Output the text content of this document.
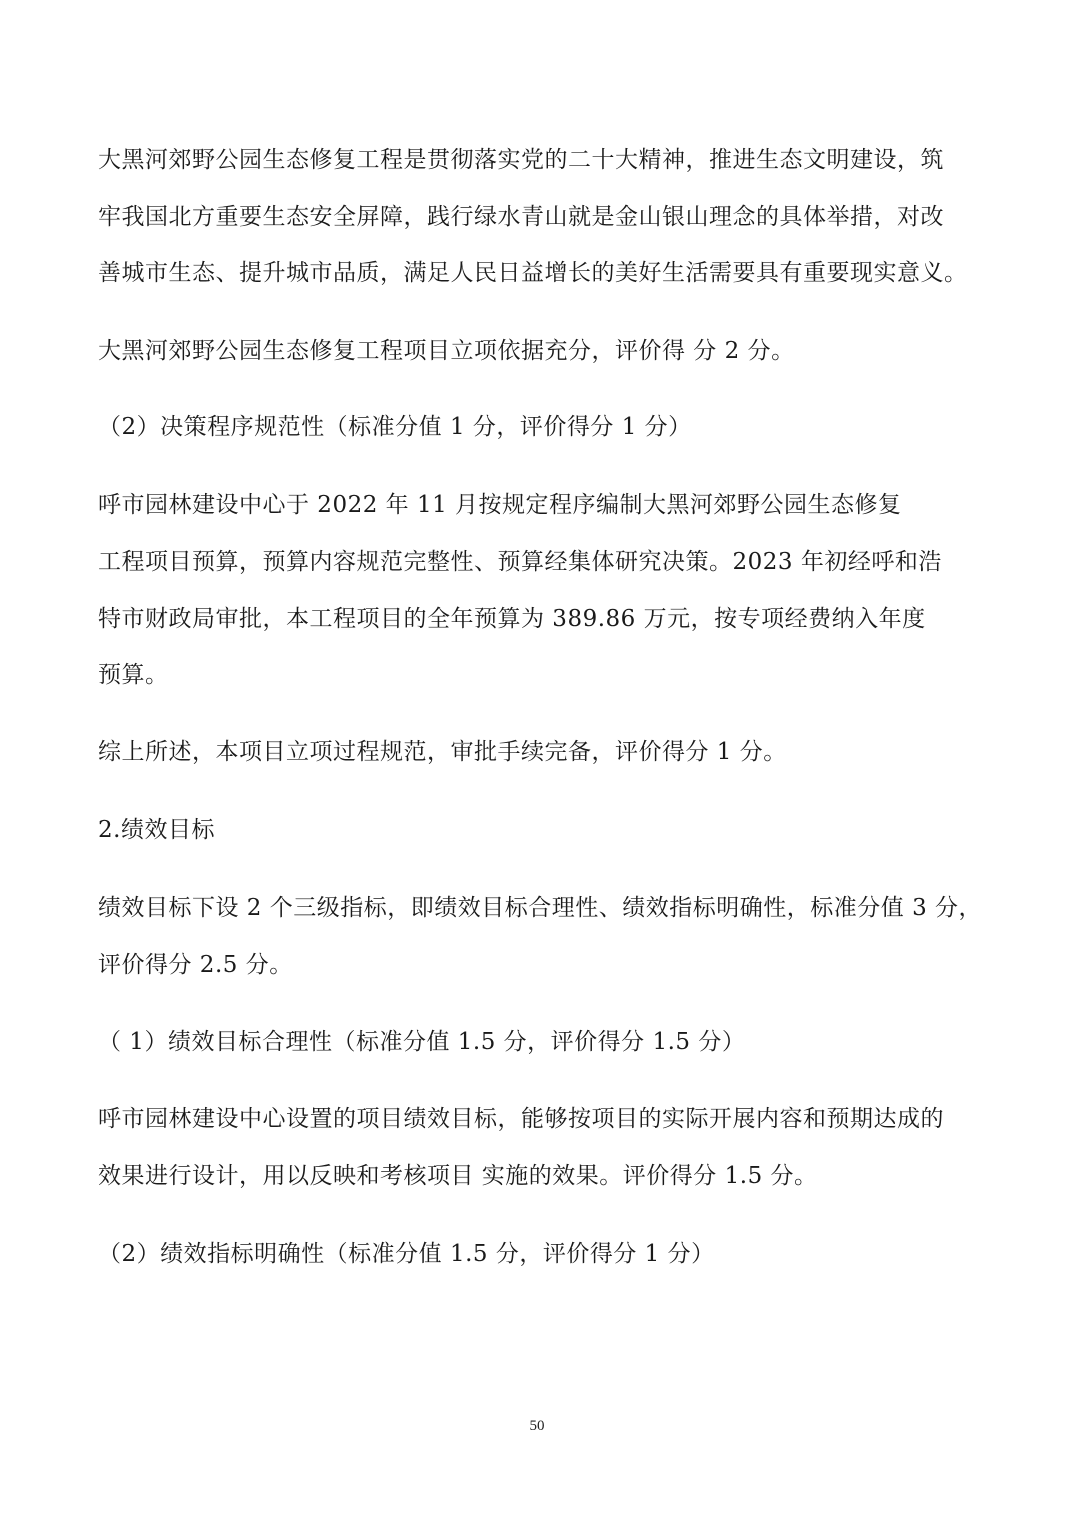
大黑河郊野公园生态修复工程是贯彻落实党的二十大精神，推进生态文明建设，筑
牢我国北方重要生态安全屏障，践行绿水青山就是金山银山理念的具体举措，对改
善城市生态、提升城市品质，满足人民日益增长的美好生活需要具有重要现实意义。
大黑河郊野公园生态修复工程项目立项依据充分，评价得 分 2 分。
（2）决策程序规范性（标准分值 1 分，评价得分 1 分）
呼市园林建设中心于 2022 年 11 月按规定程序编制大黑河郊野公园生态修复
工程项目预算，预算内容规范完整性、预算经集体研究决策。2023 年初经呼和浩
特市财政局审批，本工程项目的全年预算为 389.86 万元，按专项经费纳入年度
预算。
综上所述，本项目立项过程规范，审批手续完备，评价得分 1 分。
2.绩效目标
绩效目标下设 2 个三级指标，即绩效目标合理性、绩效指标明确性，标准分值 3 分，
评价得分 2.5 分。
（ 1）绩效目标合理性（标准分值 1.5 分，评价得分 1.5 分）
呼市园林建设中心设置的项目绩效目标，能够按项目的实际开展内容和预期达成的
效果进行设计，用以反映和考核项目 实施的效果。评价得分 1.5 分。
（2）绩效指标明确性（标准分值 1.5 分，评价得分 1 分）
50
